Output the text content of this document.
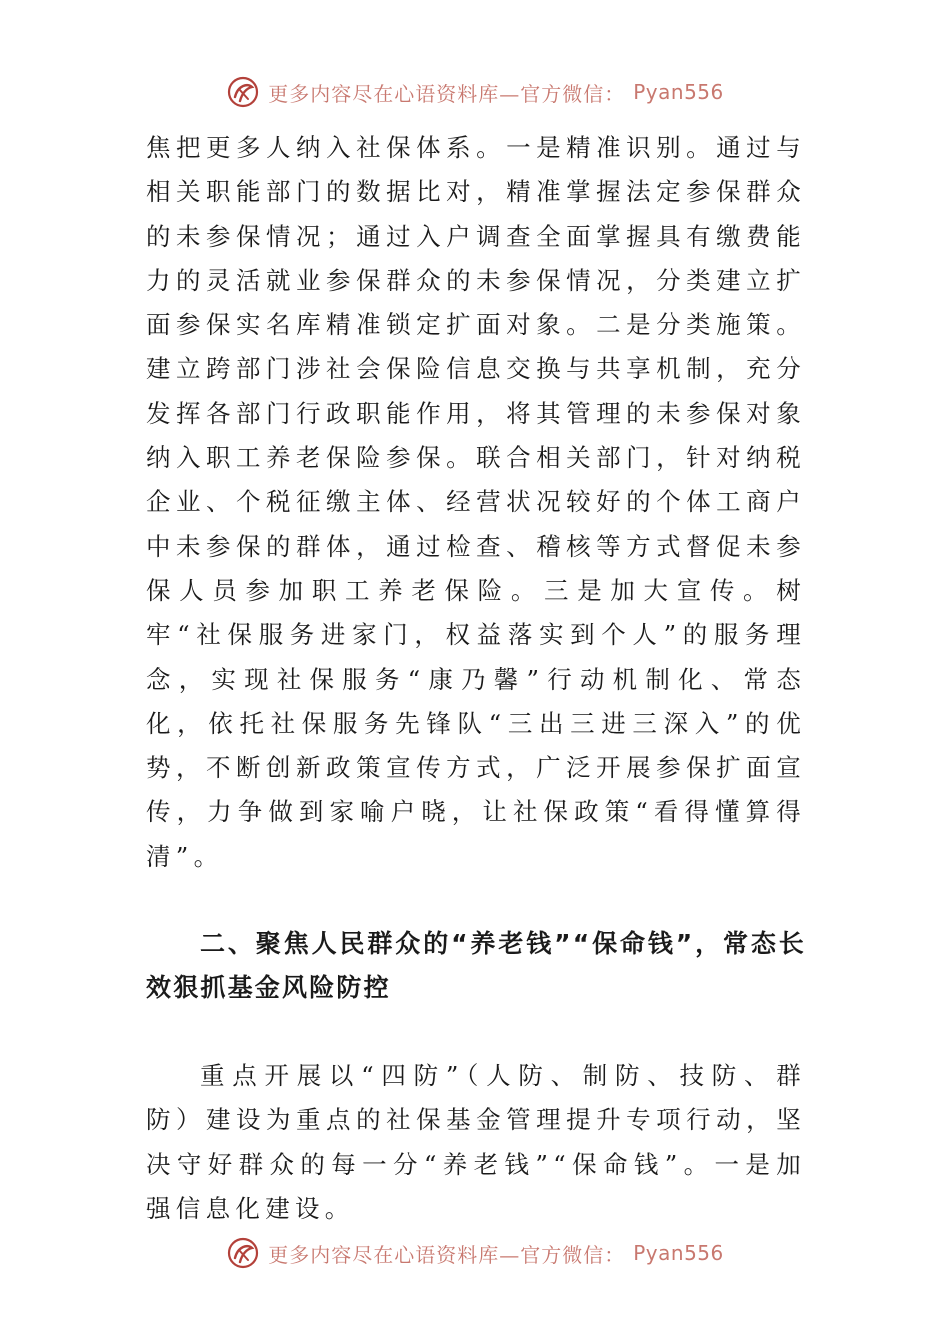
更多内容尽在心语资料库—官方微信： Pyan556

焦把更多人纳入社保体系。一是精准识别。通过与相关职能部门的数据比对，精准掌握法定参保群众的未参保情况；通过入户调查全面掌握具有缴费能力的灵活就业参保群众的未参保情况，分类建立扩面参保实名库精准锁定扩面对象。二是分类施策。建立跨部门涉社会保险信息交换与共享机制，充分发挥各部门行政职能作用，将其管理的未参保对象纳入职工养老保险参保。联合相关部门，针对纳税企业、个税征缴主体、经营状况较好的个体工商户中未参保的群体，通过检查、稽核等方式督促未参保人员参加职工养老保险。三是加大宣传。树牢“社保服务进家门，权益落实到个人”的服务理念，实现社保服务“康乃馨”行动机制化、常态化，依托社保服务先锋队“三出三进三深入”的优势，不断创新政策宣传方式，广泛开展参保扩面宣传，力争做到家喻户晓，让社保政策“看得懂算得清”。

二、聚焦人民群众的“养老钱”“保命钱”，常态长效狠抓基金风险防控

重点开展以“四防”（人防、制防、技防、群防）建设为重点的社保基金管理提升专项行动，坚决守好群众的每一分“养老钱”“保命钱”。一是加强信息化建设。

更多内容尽在心语资料库—官方微信： Pyan556
